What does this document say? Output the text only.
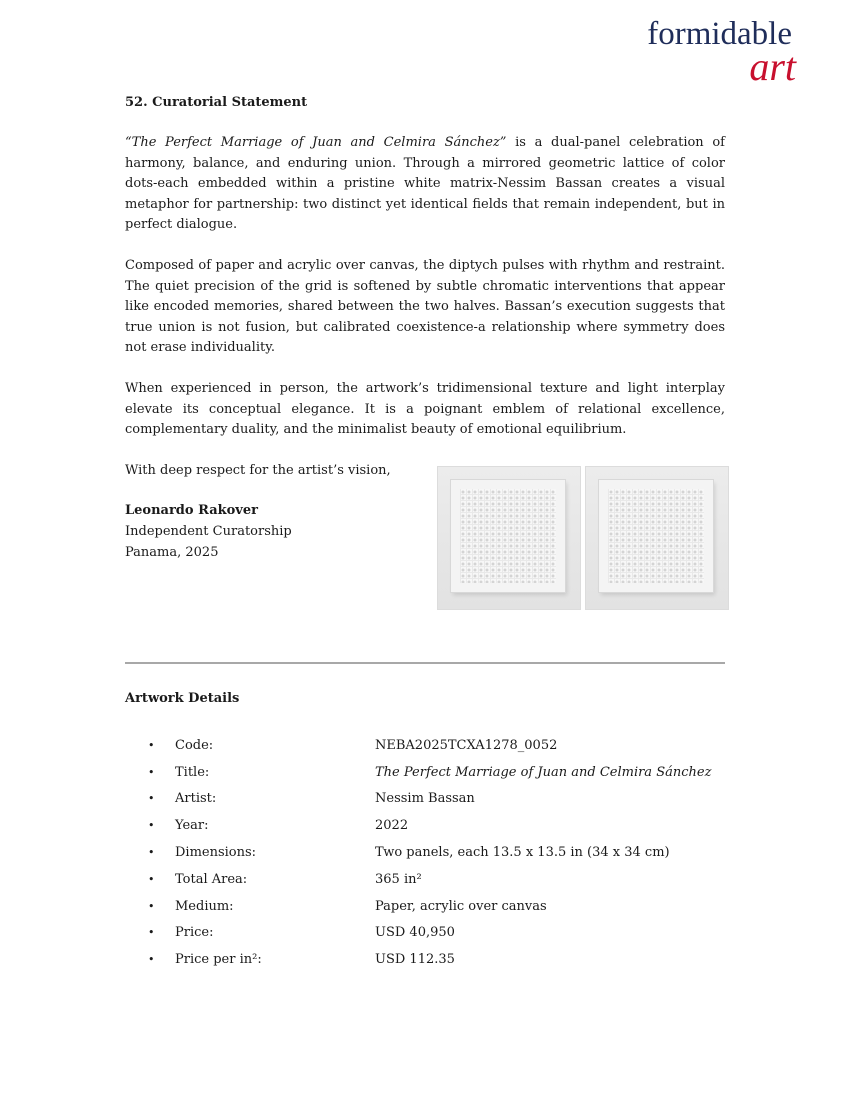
formidable
art

52. Curatorial Statement

“The Perfect Marriage of Juan and Celmira Sánchez” is a dual-panel celebration of harmony, balance, and enduring union. Through a mirrored geometric lattice of color dots-each embedded within a pristine white matrix-Nessim Bassan creates a visual metaphor for partnership: two distinct yet identical fields that remain independent, but in perfect dialogue.

Composed of paper and acrylic over canvas, the diptych pulses with rhythm and restraint. The quiet precision of the grid is softened by subtle chromatic interventions that appear like encoded memories, shared between the two halves. Bassan’s execution suggests that true union is not fusion, but calibrated coexistence-a relationship where symmetry does not erase individuality.

When experienced in person, the artwork’s tridimensional texture and light interplay elevate its conceptual elegance. It is a poignant emblem of relational excellence, complementary duality, and the minimalist beauty of emotional equilibrium.

With deep respect for the artist’s vision,

Leonardo Rakover
Independent Curatorship
Panama, 2025

Artwork Details

•	Code:	NEBA2025TCXA1278_0052
•	Title:	The Perfect Marriage of Juan and Celmira Sánchez
•	Artist:	Nessim Bassan
•	Year:	2022
•	Dimensions:	Two panels, each 13.5 x 13.5 in (34 x 34 cm)
•	Total Area:	365 in²
•	Medium:	Paper, acrylic over canvas
•	Price:	USD 40,950
•	Price per in²:	USD 112.35
